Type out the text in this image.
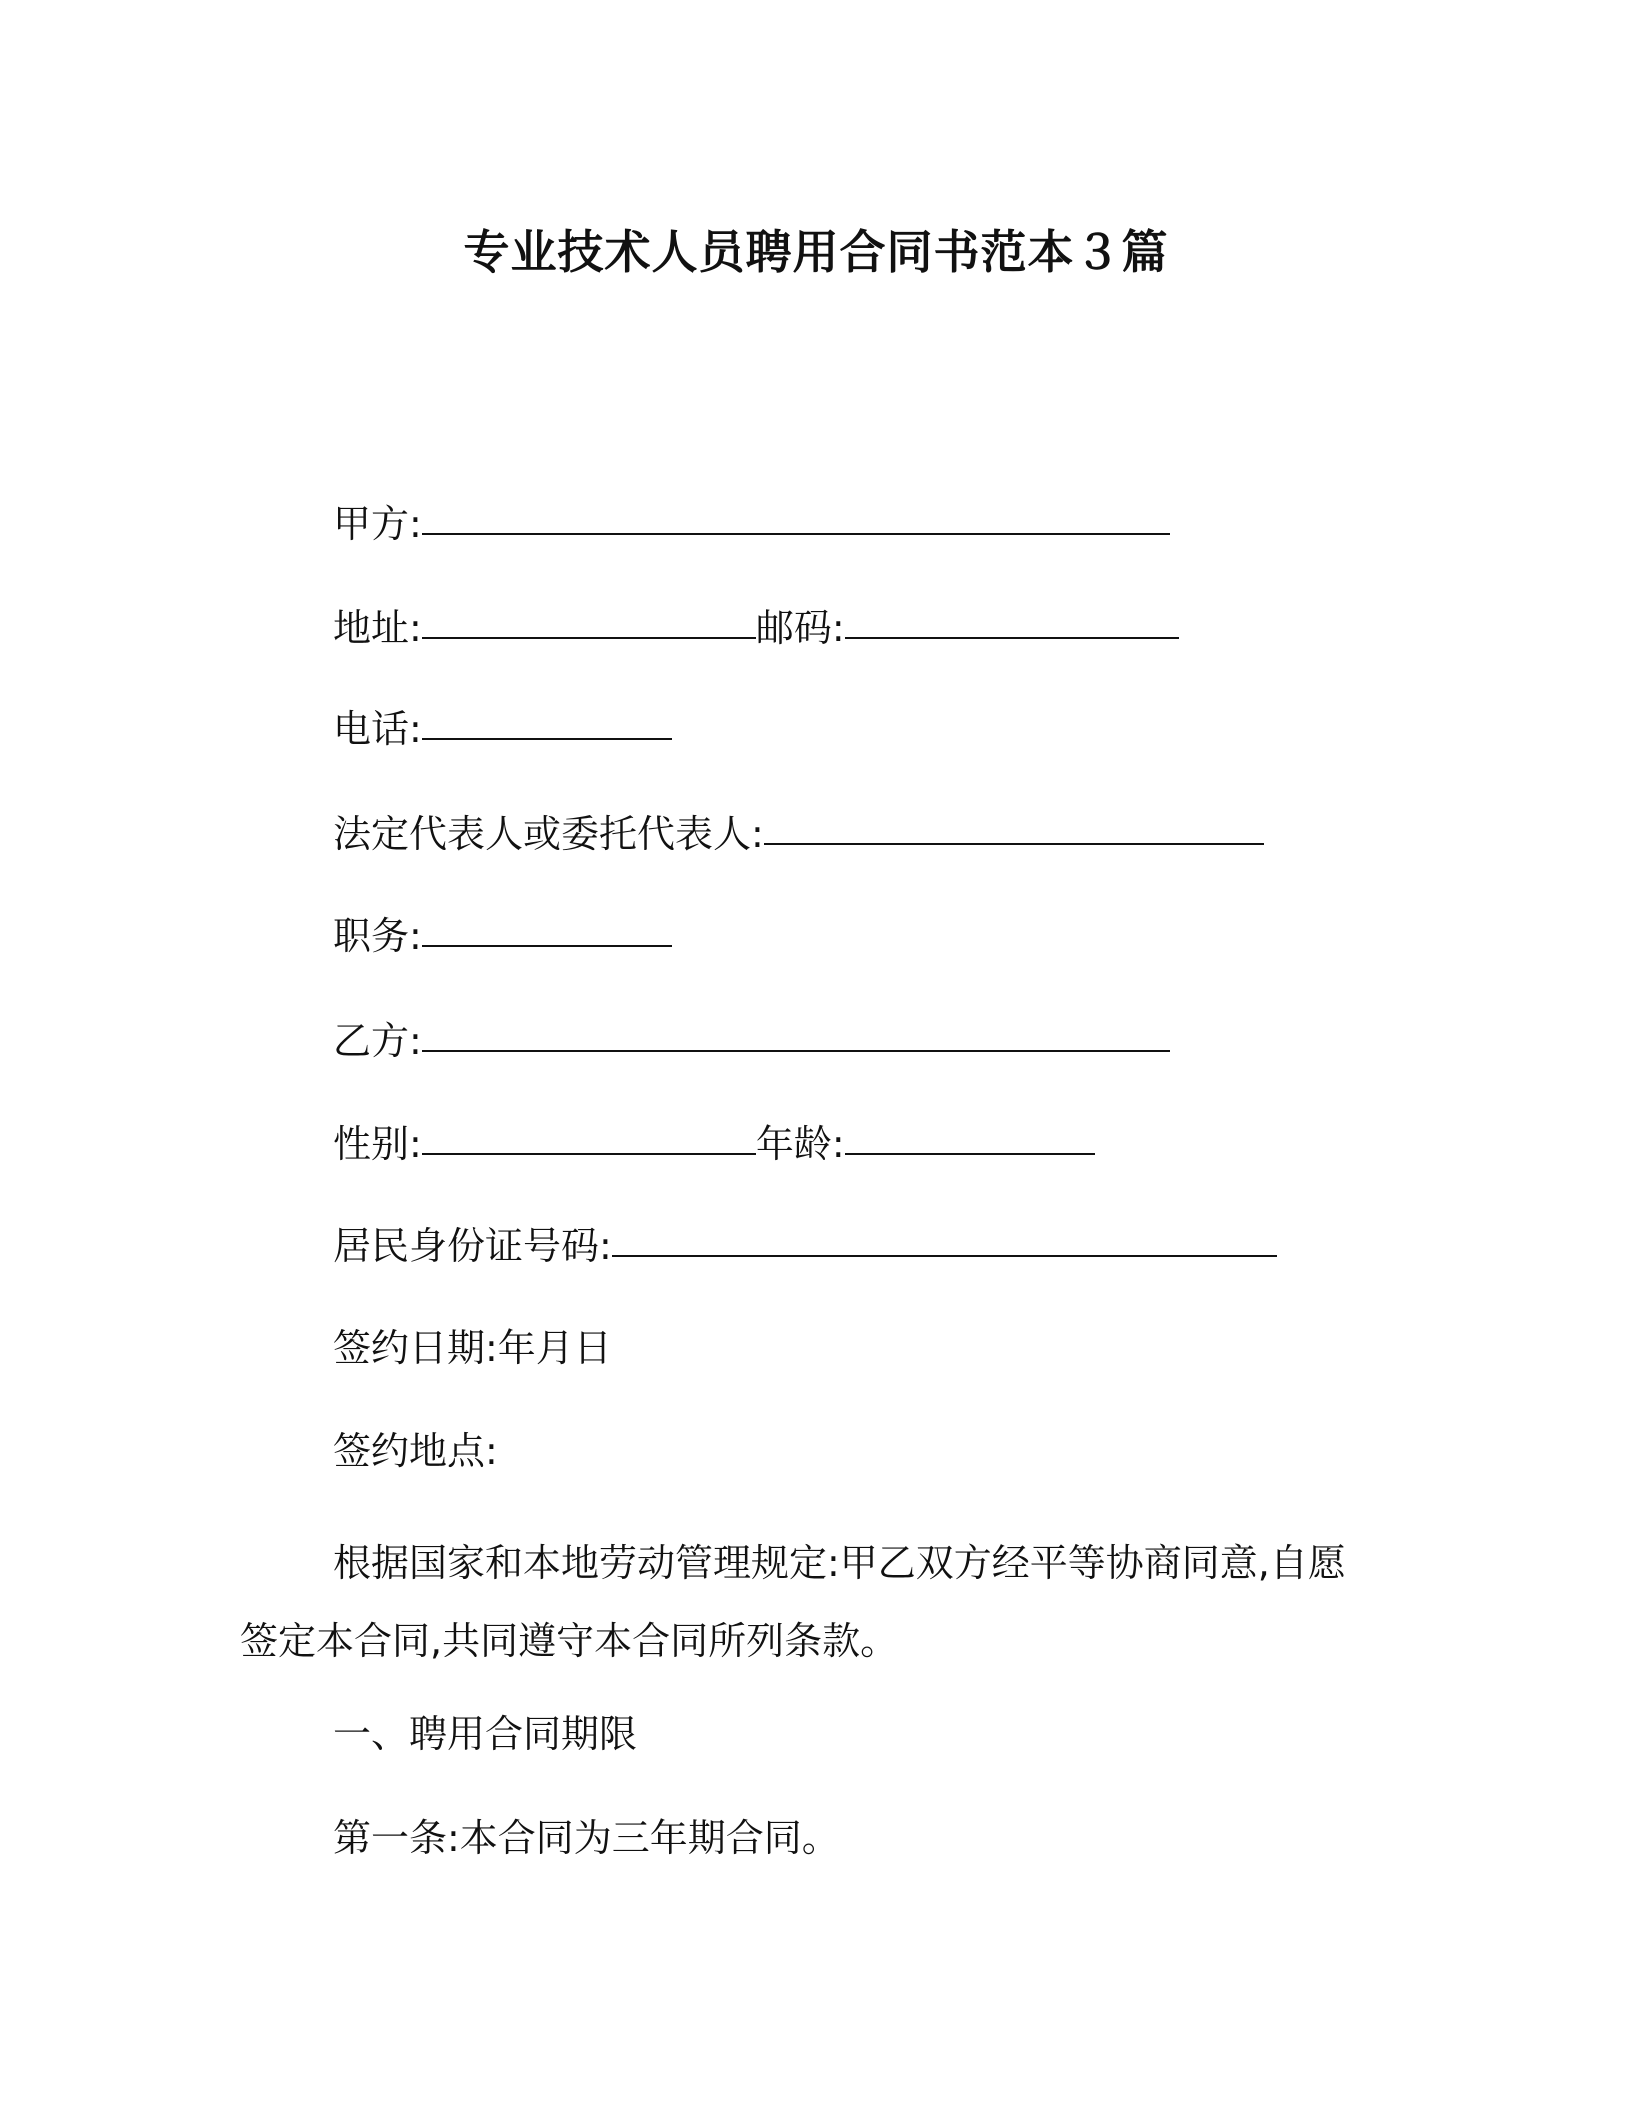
专业技术人员聘用合同书范本３篇
甲方:
地址:	邮码:
电话:
法定代表人或委托代表人:
职务:
乙方:
性别:	年龄:
居民身份证号码:
签约日期:年月日
签约地点:
根据国家和本地劳动管理规定:甲乙双方经平等协商同意,自愿签定本合同,共同遵守本合同所列条款。
一、聘用合同期限
第一条:本合同为三年期合同。
